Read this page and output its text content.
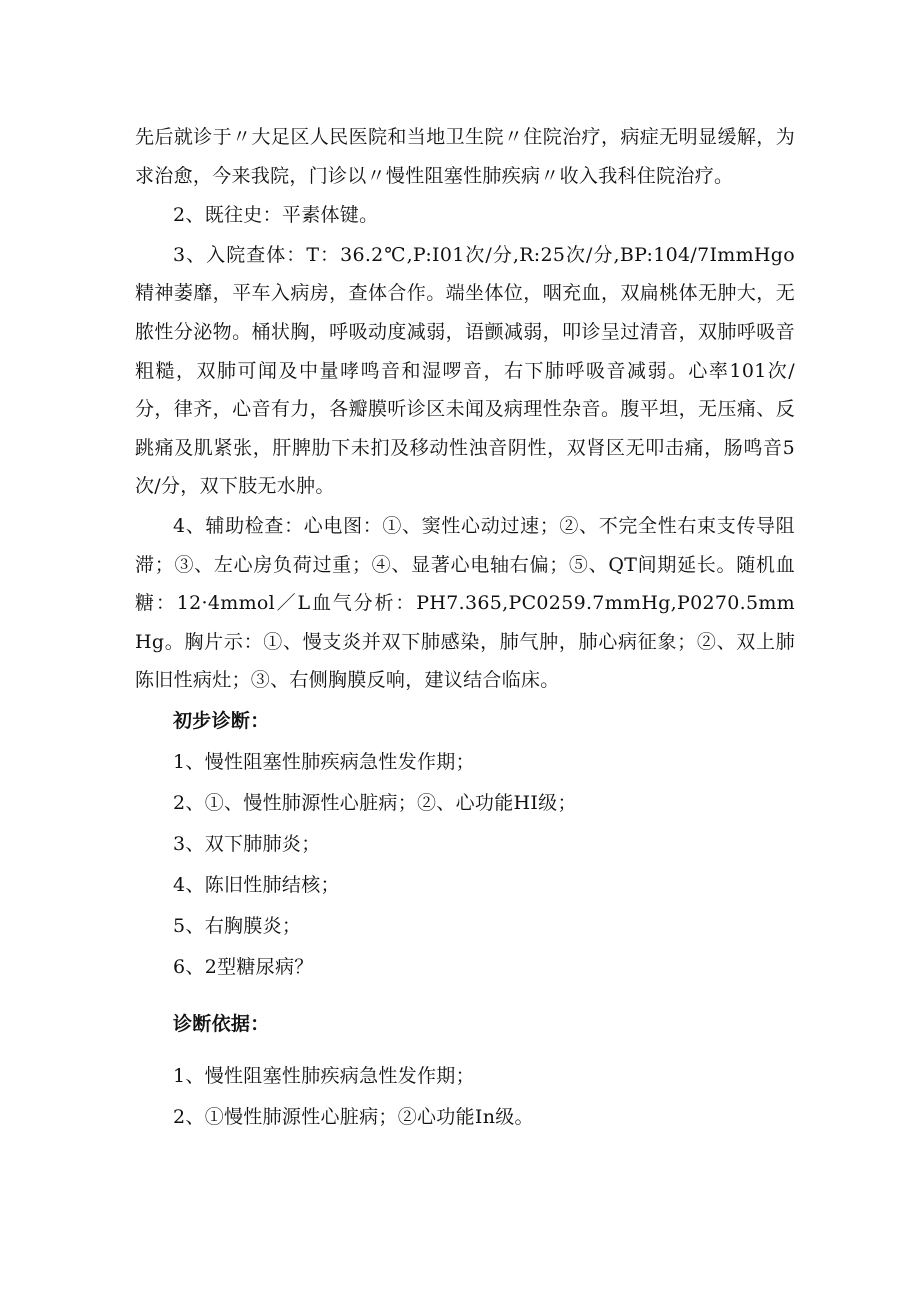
先后就诊于〃大足区人民医院和当地卫生院〃住院治疗，病症无明显缓解，为求治愈，今来我院，门诊以〃慢性阻塞性肺疾病〃收入我科住院治疗。

2、既往史：平素体键。

3、入院查体：T：36.2℃,P:I01次/分,R:25次/分,BP:104/7ImmHgo精神萎靡，平车入病房，查体合作。端坐体位，咽充血，双扁桃体无肿大，无脓性分泌物。桶状胸，呼吸动度减弱，语颤减弱，叩诊呈过清音，双肺呼吸音粗糙，双肺可闻及中量哮鸣音和湿啰音，右下肺呼吸音减弱。心率101次/分，律齐，心音有力，各瓣膜听诊区未闻及病理性杂音。腹平坦，无压痛、反跳痛及肌紧张，肝脾肋下未扪及移动性浊音阴性，双肾区无叩击痛，肠鸣音5次/分，双下肢无水肿。

4、辅助检查：心电图：①、窦性心动过速；②、不完全性右束支传导阻滞；③、左心房负荷过重；④、显著心电轴右偏；⑤、QT间期延长。随机血糖：12·4mmol／L血气分析：PH7.365,PC0259.7mmHg,P0270.5mmHg。胸片示：①、慢支炎并双下肺感染，肺气肿，肺心病征象；②、双上肺陈旧性病灶；③、右侧胸膜反响，建议结合临床。

初步诊断：
1、慢性阻塞性肺疾病急性发作期；
2、①、慢性肺源性心脏病；②、心功能HI级；
3、双下肺肺炎；
4、陈旧性肺结核；
5、右胸膜炎；
6、2型糖尿病？
诊断依据：
1、慢性阻塞性肺疾病急性发作期；
2、①慢性肺源性心脏病；②心功能In级。
